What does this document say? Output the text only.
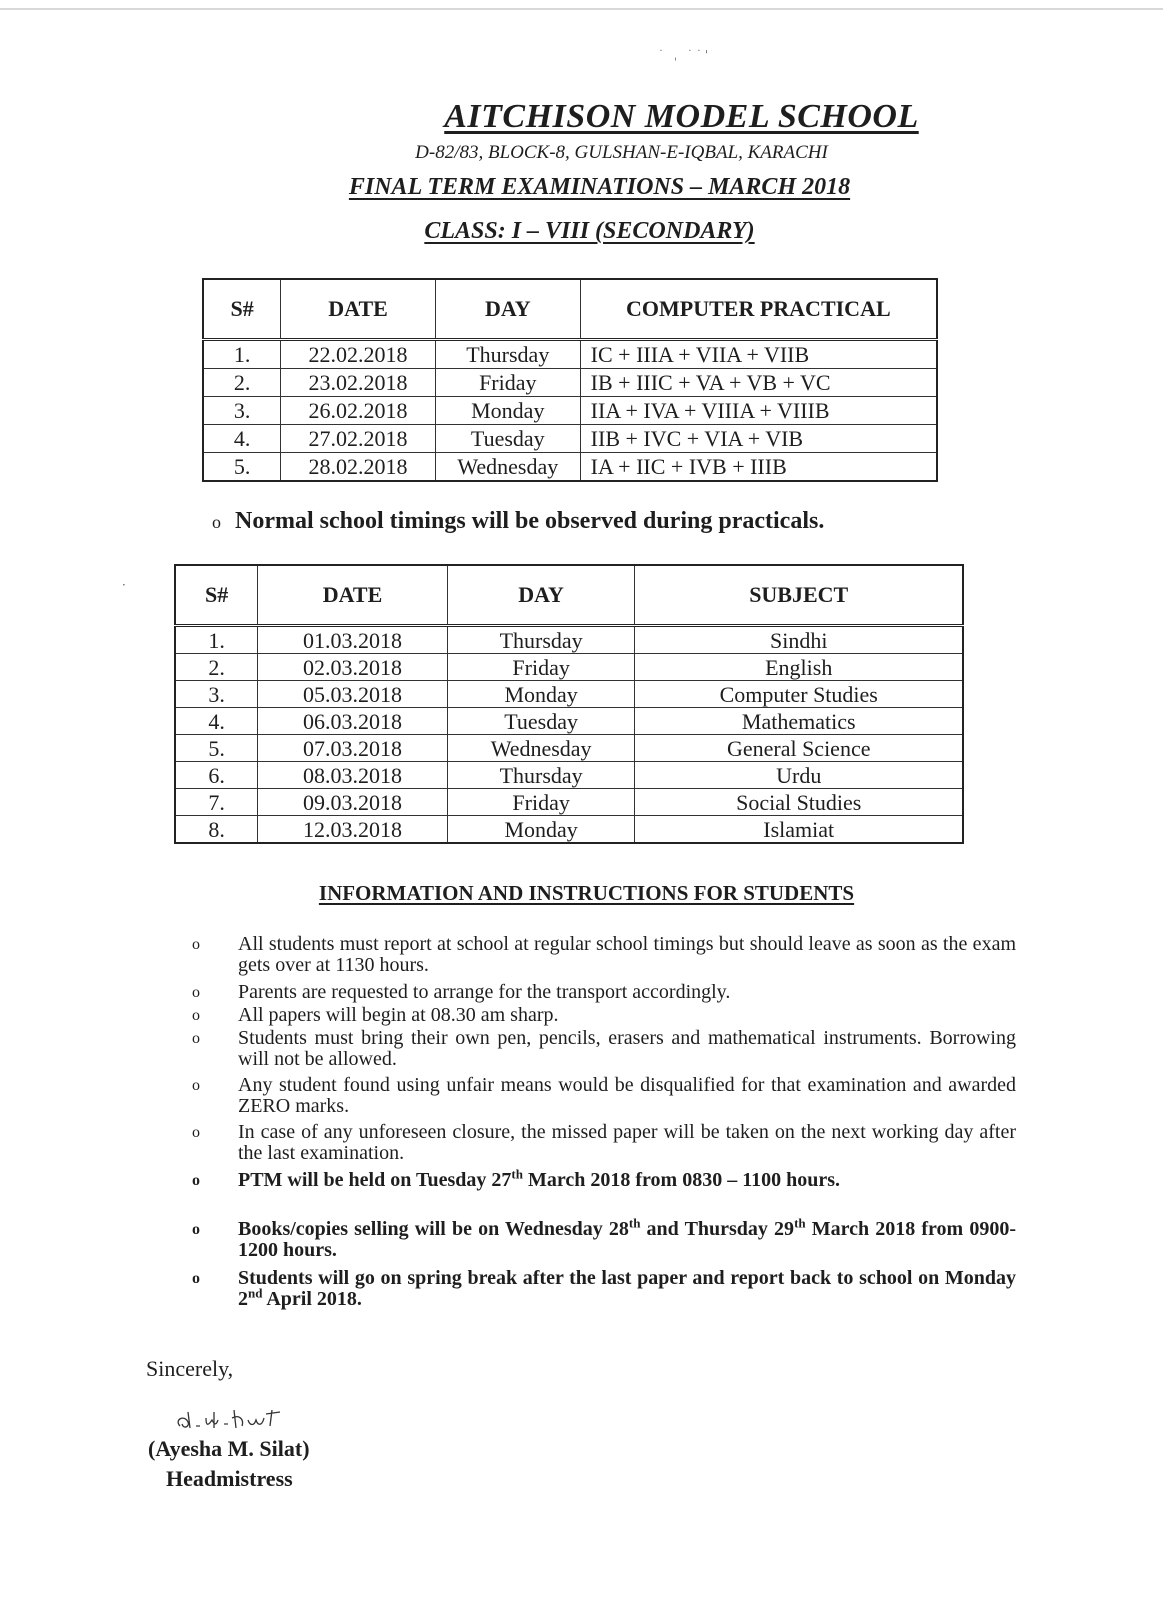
˙ ˌ ˙˙'
·
AITCHISON MODEL SCHOOL
D-82/83, BLOCK-8, GULSHAN-E-IQBAL, KARACHI
FINAL TERM EXAMINATIONS – MARCH 2018
CLASS: I – VIII (SECONDARY)
S#	DATE	DAY	COMPUTER PRACTICAL
1.	22.02.2018	Thursday	IC + IIIA + VIIA + VIIB
2.	23.02.2018	Friday	IB + IIIC + VA + VB + VC
3.	26.02.2018	Monday	IIA + IVA + VIIIA + VIIIB
4.	27.02.2018	Tuesday	IIB + IVC + VIA + VIB
5.	28.02.2018	Wednesday	IA + IIC + IVB + IIIB
o Normal school timings will be observed during practicals.
S#	DATE	DAY	SUBJECT
1.	01.03.2018	Thursday	Sindhi
2.	02.03.2018	Friday	English
3.	05.03.2018	Monday	Computer Studies
4.	06.03.2018	Tuesday	Mathematics
5.	07.03.2018	Wednesday	General Science
6.	08.03.2018	Thursday	Urdu
7.	09.03.2018	Friday	Social Studies
8.	12.03.2018	Monday	Islamiat
INFORMATION AND INSTRUCTIONS FOR STUDENTS
o All students must report at school at regular school timings but should leave as soon as the exam gets over at 1130 hours.
o Parents are requested to arrange for the transport accordingly.
o All papers will begin at 08.30 am sharp.
o Students must bring their own pen, pencils, erasers and mathematical instruments. Borrowing will not be allowed.
o Any student found using unfair means would be disqualified for that examination and awarded ZERO marks.
o In case of any unforeseen closure, the missed paper will be taken on the next working day after the last examination.
o PTM will be held on Tuesday 27th March 2018 from 0830 – 1100 hours.
o Books/copies selling will be on Wednesday 28th and Thursday 29th March 2018 from 0900-1200 hours.
o Students will go on spring break after the last paper and report back to school on Monday 2nd April 2018.
Sincerely,
(Ayesha M. Silat)
Headmistress
